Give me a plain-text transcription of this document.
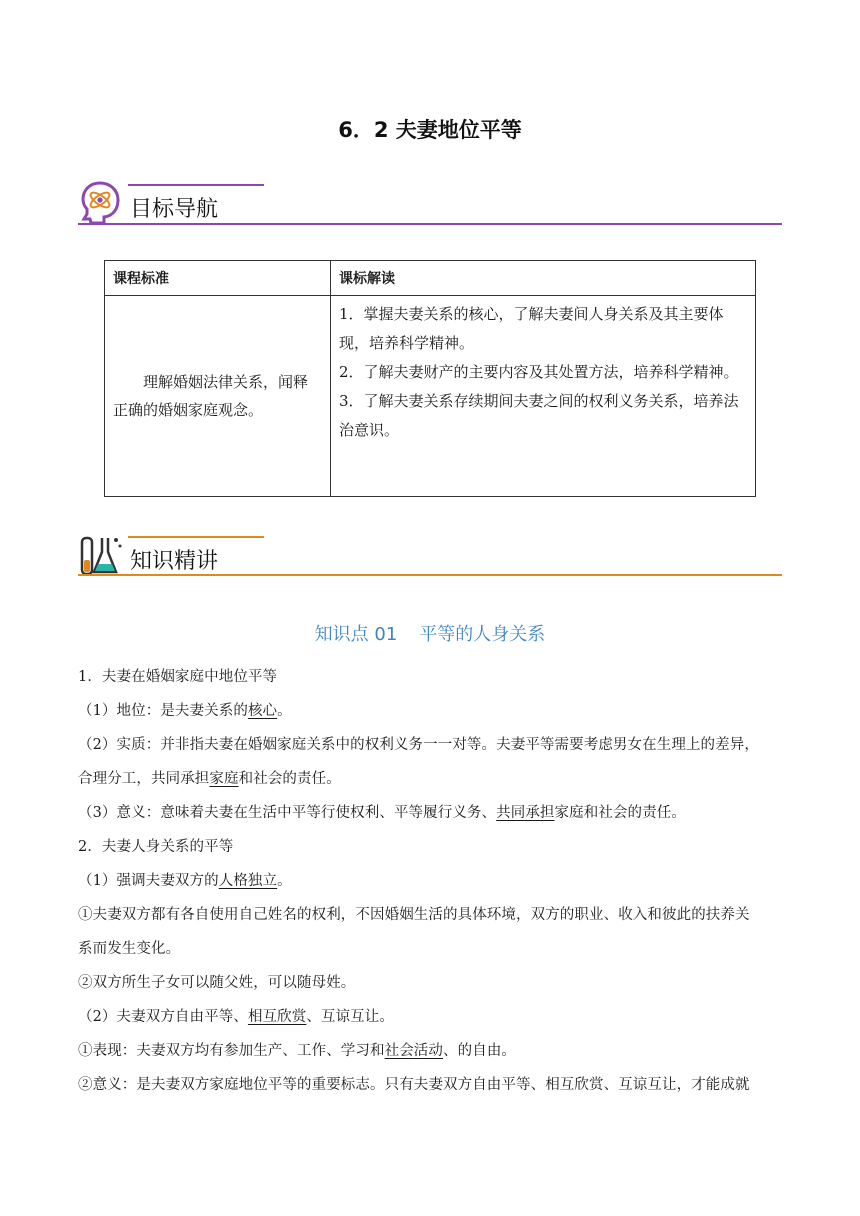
6．2 夫妻地位平等
目标导航
课程标准	课标解读

理解婚姻法律关系，闻释正确的婚姻家庭观念。	1．掌握夫妻关系的核心，了解夫妻间人身关系及其主要体现，培养科学精神。
2．了解夫妻财产的主要内容及其处置方法，培养科学精神。
3．了解夫妻关系存续期间夫妻之间的权利义务关系，培养法治意识。
知识精讲
知识点 01 平等的人身关系
1．夫妻在婚姻家庭中地位平等
（1）地位：是夫妻关系的核心。
（2）实质：并非指夫妻在婚姻家庭关系中的权利义务一一对等。夫妻平等需要考虑男女在生理上的差异，
合理分工，共同承担家庭和社会的责任。
（3）意义：意味着夫妻在生活中平等行使权利、平等履行义务、共同承担家庭和社会的责任。
2．夫妻人身关系的平等
（1）强调夫妻双方的人格独立。
①夫妻双方都有各自使用自己姓名的权利，不因婚姻生活的具体环境，双方的职业、收入和彼此的扶养关
系而发生变化。
②双方所生子女可以随父姓，可以随母姓。
（2）夫妻双方自由平等、相互欣赏、互谅互让。
①表现：夫妻双方均有参加生产、工作、学习和社会活动、的自由。
②意义：是夫妻双方家庭地位平等的重要标志。只有夫妻双方自由平等、相互欣赏、互谅互让，才能成就
